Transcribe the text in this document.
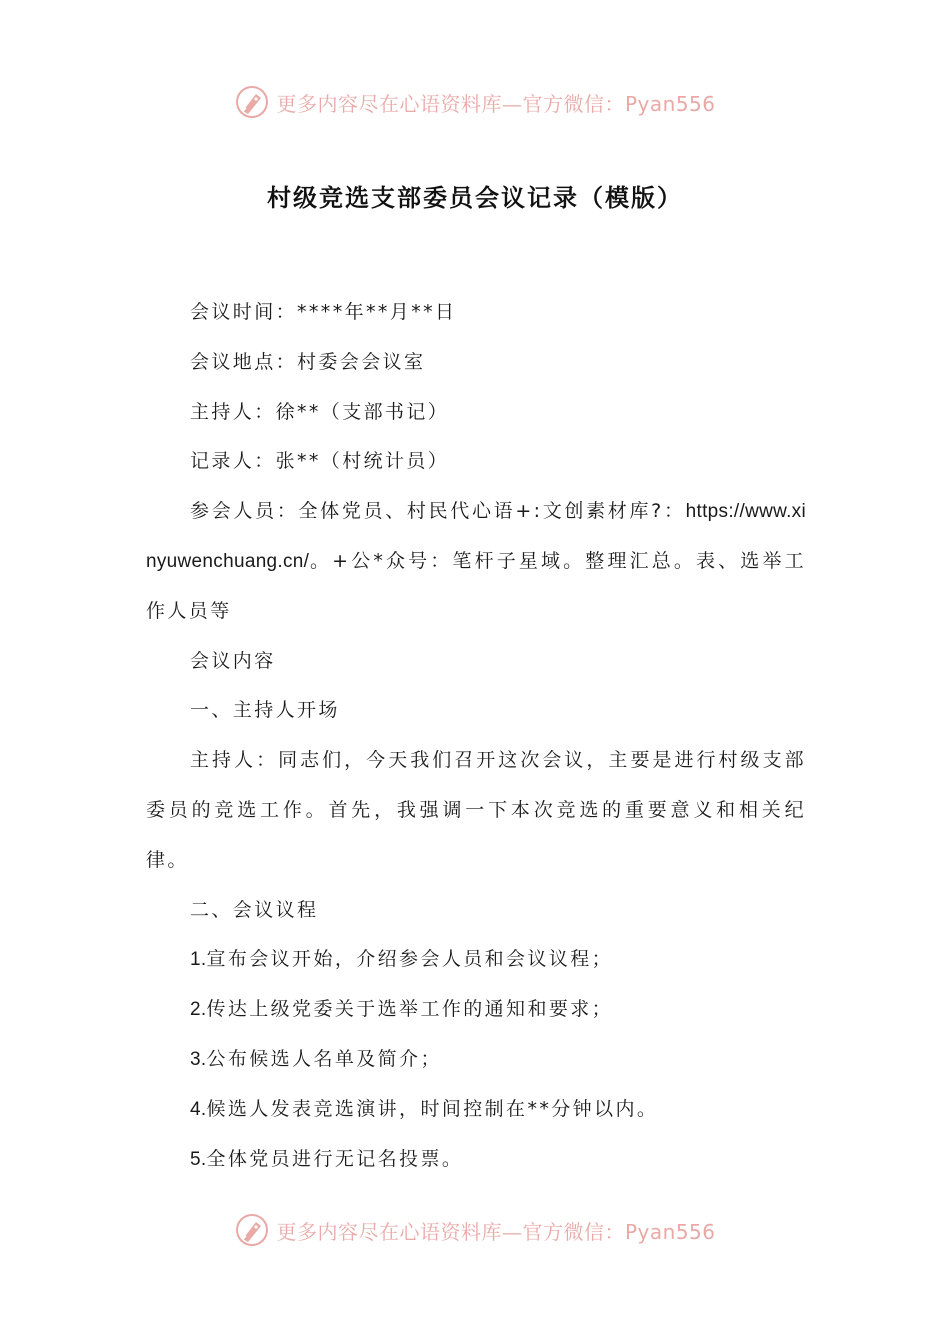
更多内容尽在心语资料库—官方微信：Pyan556
村级竞选支部委员会议记录（模版）

会议时间：****年**月**日

会议地点：村委会会议室

主持人：徐**（支部书记）

记录人：张**（村统计员）

参会人员：全体党员、村民代心语+:文创素材库?：https://www.xinyuwenchuang.cn/。+公*众号：笔杆子星域。整理汇总。表、选举工作人员等

会议内容

一、主持人开场

主持人：同志们，今天我们召开这次会议，主要是进行村级支部委员的竞选工作。首先，我强调一下本次竞选的重要意义和相关纪律。

二、会议议程

1.宣布会议开始，介绍参会人员和会议议程；

2.传达上级党委关于选举工作的通知和要求；

3.公布候选人名单及简介；

4.候选人发表竞选演讲，时间控制在**分钟以内。

5.全体党员进行无记名投票。

更多内容尽在心语资料库—官方微信：Pyan556
